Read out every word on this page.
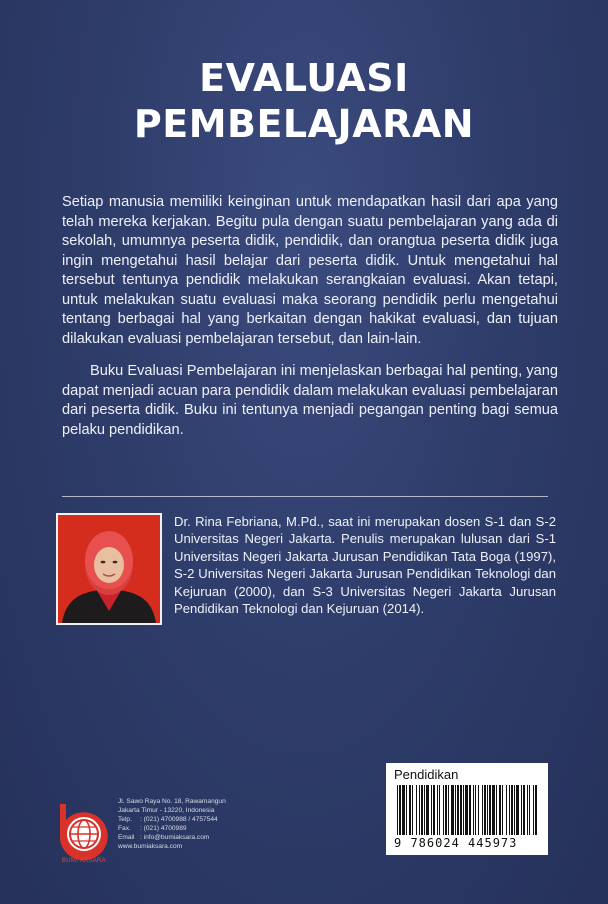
EVALUASI
PEMBELAJARAN

Setiap manusia memiliki keinginan untuk mendapatkan hasil dari apa yang telah mereka kerjakan. Begitu pula dengan suatu pembelajaran yang ada di sekolah, umumnya peserta didik, pendidik, dan orangtua peserta didik juga ingin mengetahui hasil belajar dari peserta didik. Untuk mengetahui hal tersebut tentunya pendidik melakukan serangkaian evaluasi. Akan tetapi, untuk melakukan suatu evaluasi maka seorang pendidik perlu mengetahui tentang berbagai hal yang berkaitan dengan hakikat evaluasi, dan tujuan dilakukan evaluasi pembelajaran tersebut, dan lain-lain.

Buku Evaluasi Pembelajaran ini menjelaskan berbagai hal penting, yang dapat menjadi acuan para pendidik dalam melakukan evaluasi pembelajaran dari peserta didik. Buku ini tentunya menjadi pegangan penting bagi semua pelaku pendidikan.

Dr. Rina Febriana, M.Pd., saat ini merupakan dosen S-1 dan S-2 Universitas Negeri Jakarta. Penulis merupakan lulusan dari S-1 Universitas Negeri Jakarta Jurusan Pendidikan Tata Boga (1997), S-2 Universitas Negeri Jakarta Jurusan Pendidikan Teknologi dan Kejuruan (2000), dan S-3 Universitas Negeri Jakarta Jurusan Pendidikan Teknologi dan Kejuruan (2014).
Pendidikan
9 786024 445973
BUMI AKSARA
Jl. Sawo Raya No. 18, Rawamangun
Jakarta Timur - 13220, Indonesia
Telp. : (021) 4700988 / 4757544
Fax. : (021) 4700989
Email : info@bumiaksara.com
www.bumiaksara.com
